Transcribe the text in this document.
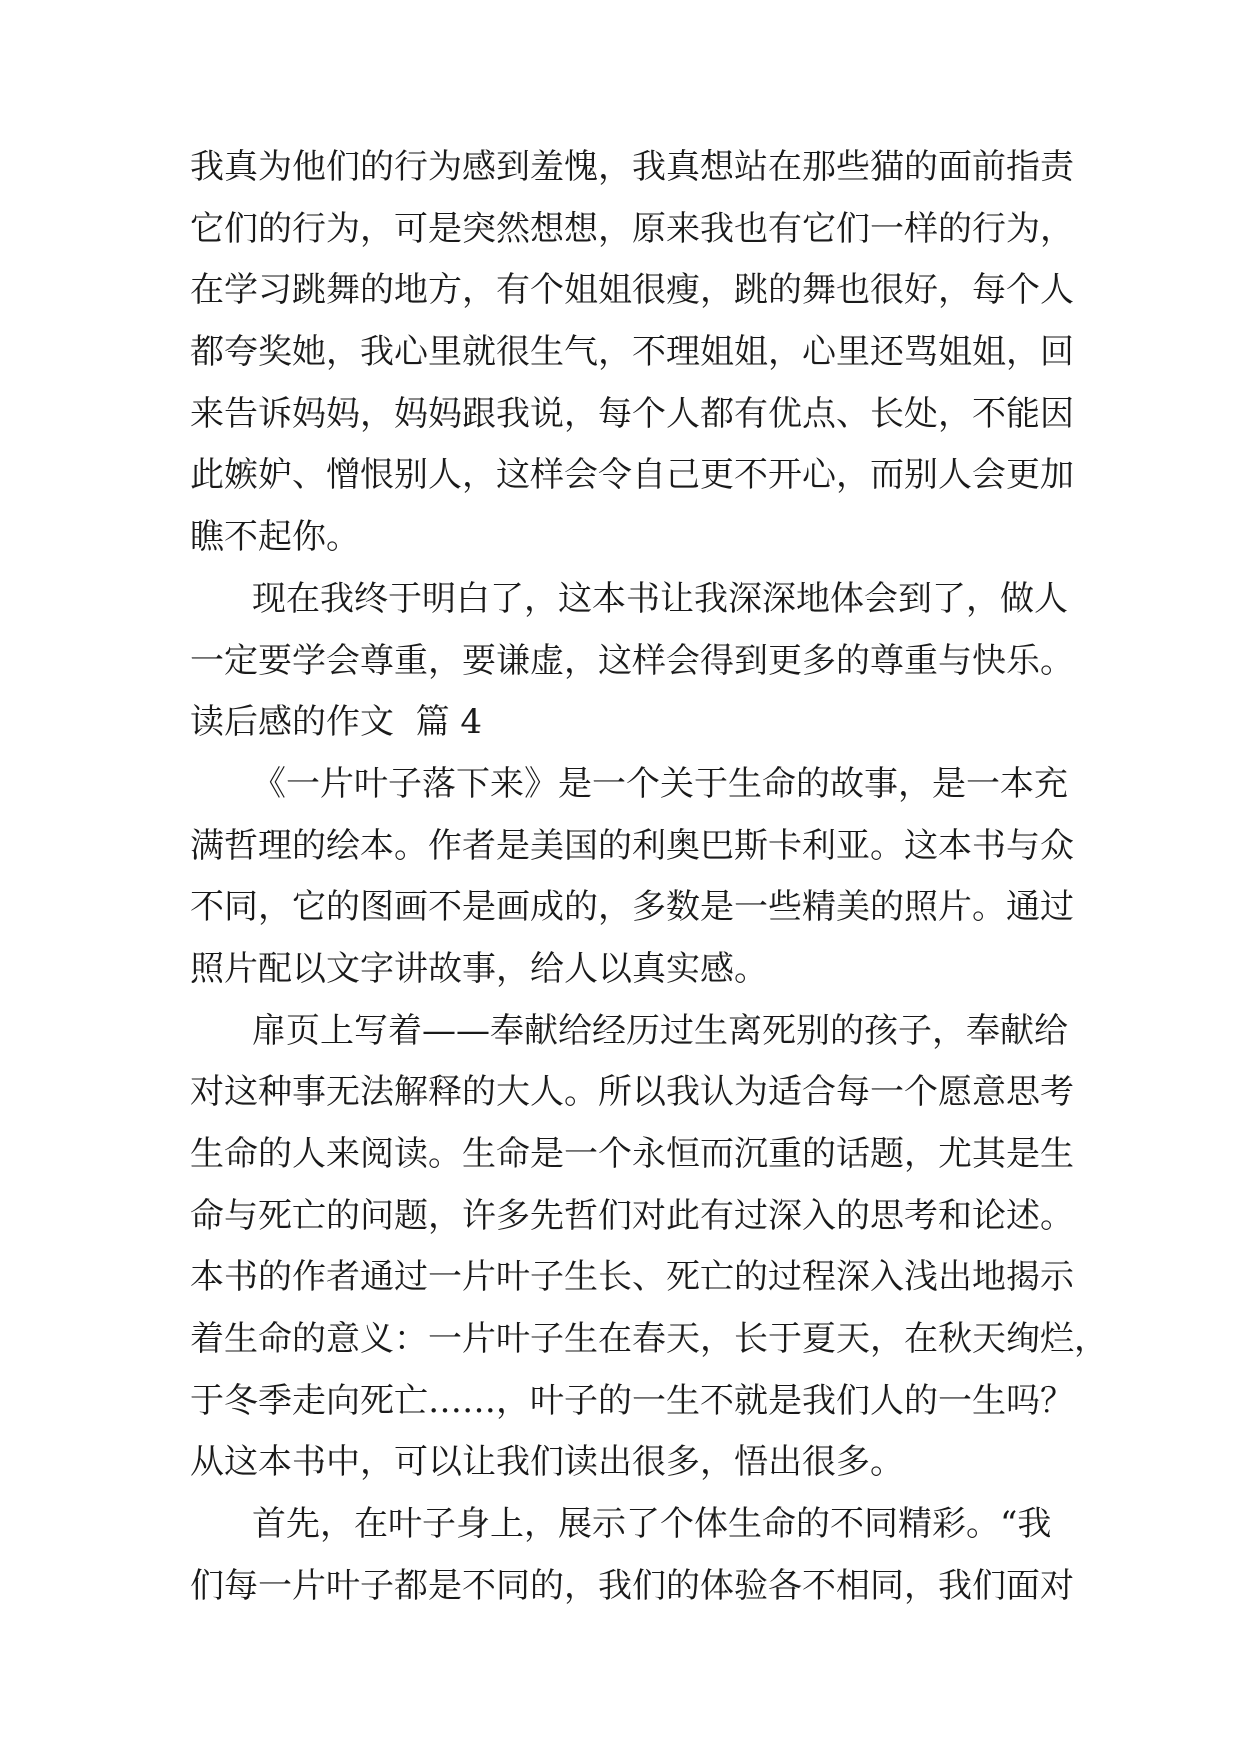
我真为他们的行为感到羞愧，我真想站在那些猫的面前指责
它们的行为，可是突然想想，原来我也有它们一样的行为，
在学习跳舞的地方，有个姐姐很瘦，跳的舞也很好，每个人
都夸奖她，我心里就很生气，不理姐姐，心里还骂姐姐，回
来告诉妈妈，妈妈跟我说，每个人都有优点、长处，不能因
此嫉妒、憎恨别人，这样会令自己更不开心，而别人会更加
瞧不起你。
现在我终于明白了，这本书让我深深地体会到了，做人
一定要学会尊重，要谦虚，这样会得到更多的尊重与快乐。
读后感的作文  篇 4
《一片叶子落下来》是一个关于生命的故事，是一本充
满哲理的绘本。作者是美国的利奥巴斯卡利亚。这本书与众
不同，它的图画不是画成的，多数是一些精美的照片。通过
照片配以文字讲故事，给人以真实感。
扉页上写着——奉献给经历过生离死别的孩子，奉献给
对这种事无法解释的大人。所以我认为适合每一个愿意思考
生命的人来阅读。生命是一个永恒而沉重的话题，尤其是生
命与死亡的问题，许多先哲们对此有过深入的思考和论述。
本书的作者通过一片叶子生长、死亡的过程深入浅出地揭示
着生命的意义：一片叶子生在春天，长于夏天，在秋天绚烂，
于冬季走向死亡……，叶子的一生不就是我们人的一生吗？
从这本书中，可以让我们读出很多，悟出很多。
首先，在叶子身上，展示了个体生命的不同精彩。“我
们每一片叶子都是不同的，我们的体验各不相同，我们面对
